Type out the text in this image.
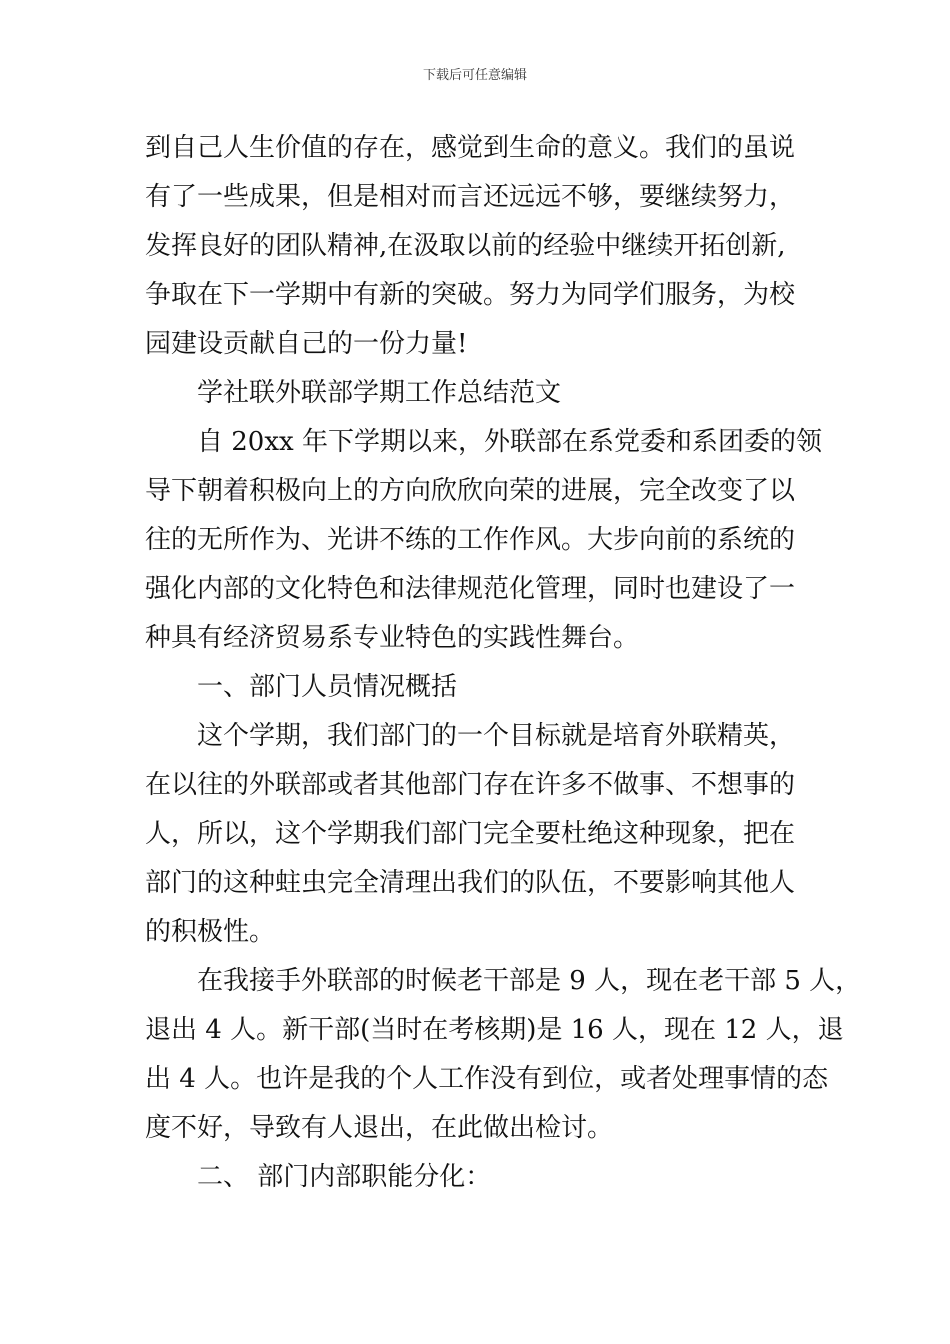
下载后可任意编辑
到自己人生价值的存在，感觉到生命的意义。我们的虽说
有了一些成果，但是相对而言还远远不够，要继续努力，
发挥良好的团队精神,在汲取以前的经验中继续开拓创新,
争取在下一学期中有新的突破。努力为同学们服务，为校
园建设贡献自己的一份力量!
学社联外联部学期工作总结范文
自 20xx 年下学期以来，外联部在系党委和系团委的领
导下朝着积极向上的方向欣欣向荣的进展，完全改变了以
往的无所作为、光讲不练的工作作风。大步向前的系统的
强化内部的文化特色和法律规范化管理，同时也建设了一
种具有经济贸易系专业特色的实践性舞台。
一、部门人员情况概括
这个学期，我们部门的一个目标就是培育外联精英，
在以往的外联部或者其他部门存在许多不做事、不想事的
人，所以，这个学期我们部门完全要杜绝这种现象，把在
部门的这种蛀虫完全清理出我们的队伍，不要影响其他人
的积极性。
在我接手外联部的时候老干部是 9 人，现在老干部 5 人，
退出 4 人。新干部(当时在考核期)是 16 人，现在 12 人，退
出 4 人。也许是我的个人工作没有到位，或者处理事情的态
度不好，导致有人退出，在此做出检讨。
二、 部门内部职能分化：
